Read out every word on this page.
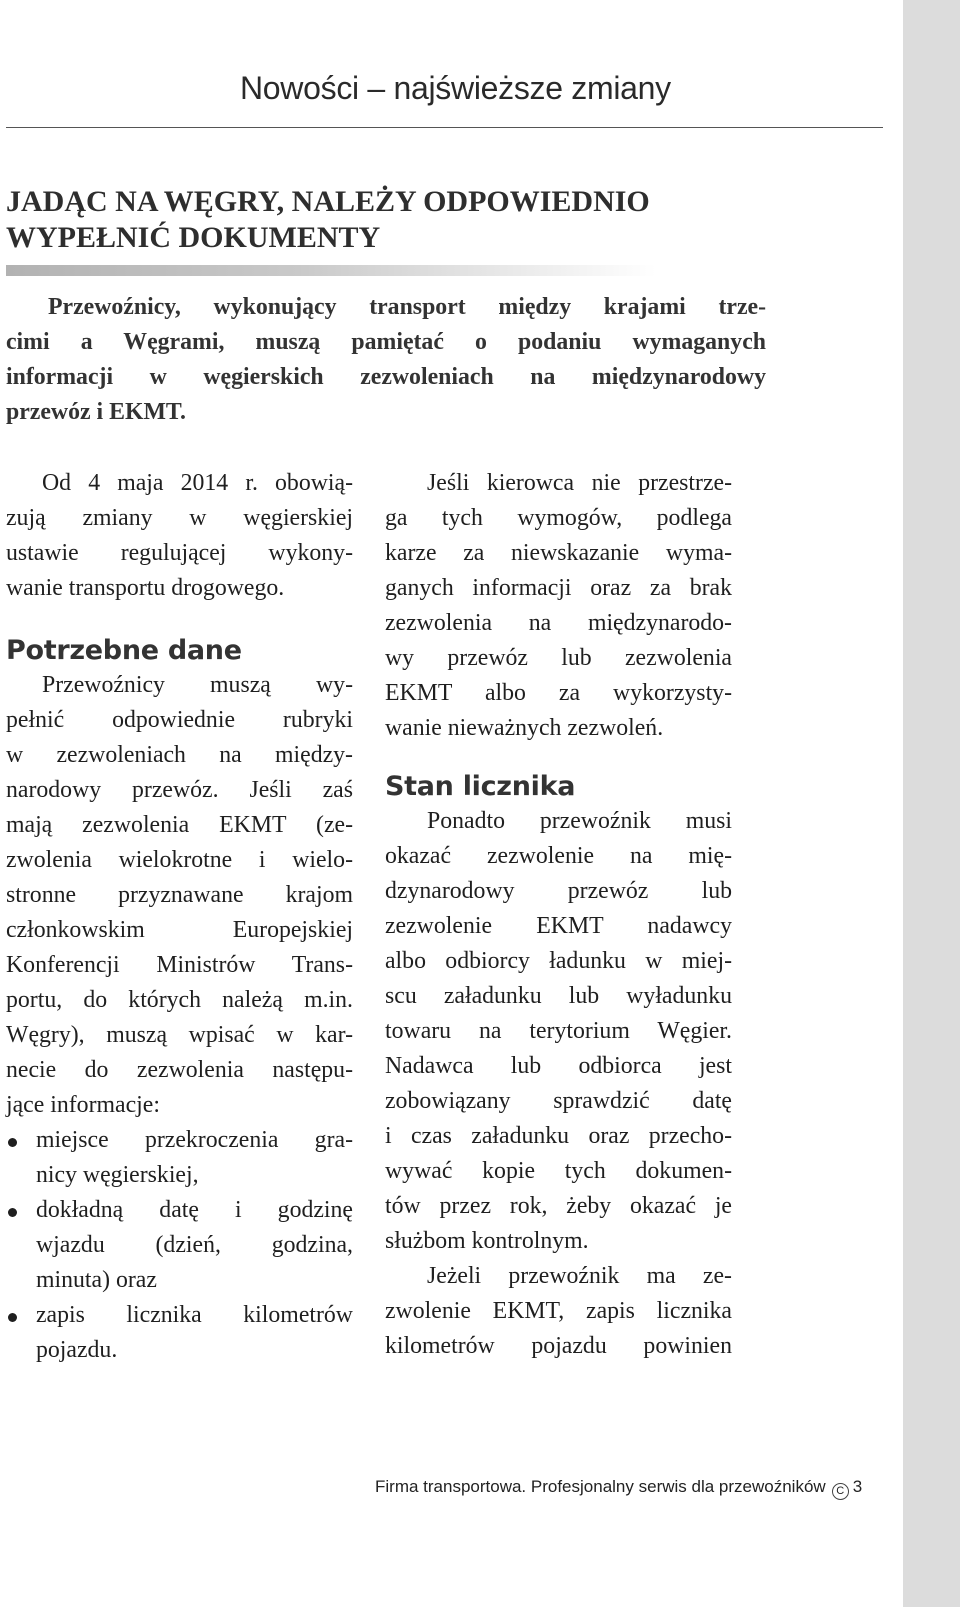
Nowości – najświeższe zmiany
JADĄC NA WĘGRY, NALEŻY ODPOWIEDNIO
WYPEŁNIĆ DOKUMENTY
Przewoźnicy, wykonujący transport między krajami trze-
cimi a Węgrami, muszą pamiętać o podaniu wymaganych
informacji w węgierskich zezwoleniach na międzynarodowy
przewóz i EKMT.
Od 4 maja 2014 r. obowią-
zują zmiany w węgierskiej
ustawie regulującej wykony-
wanie transportu drogowego.
Potrzebne dane
Przewoźnicy muszą wy-
pełnić odpowiednie rubryki
w zezwoleniach na między-
narodowy przewóz. Jeśli zaś
mają zezwolenia EKMT (ze-
zwolenia wielokrotne i wielo-
stronne przyznawane krajom
członkowskim Europejskiej
Konferencji Ministrów Trans-
portu, do których należą m.in.
Węgry), muszą wpisać w kar-
necie do zezwolenia następu-
jące informacje:
miejsce przekroczenia gra-
nicy węgierskiej,
dokładną datę i godzinę
wjazdu (dzień, godzina,
minuta) oraz
zapis licznika kilometrów
pojazdu.
Jeśli kierowca nie przestrze-
ga tych wymogów, podlega
karze za niewskazanie wyma-
ganych informacji oraz za brak
zezwolenia na międzynarodo-
wy przewóz lub zezwolenia
EKMT albo za wykorzysty-
wanie nieważnych zezwoleń.
Stan licznika
Ponadto przewoźnik musi
okazać zezwolenie na mię-
dzynarodowy przewóz lub
zezwolenie EKMT nadawcy
albo odbiorcy ładunku w miej-
scu załadunku lub wyładunku
towaru na terytorium Węgier.
Nadawca lub odbiorca jest
zobowiązany sprawdzić datę
i czas załadunku oraz przecho-
wywać kopie tych dokumen-
tów przez rok, żeby okazać je
służbom kontrolnym.
Jeżeli przewoźnik ma ze-
zwolenie EKMT, zapis licznika
kilometrów pojazdu powinien
Firma transportowa. Profesjonalny serwis dla przewoźników C 3
